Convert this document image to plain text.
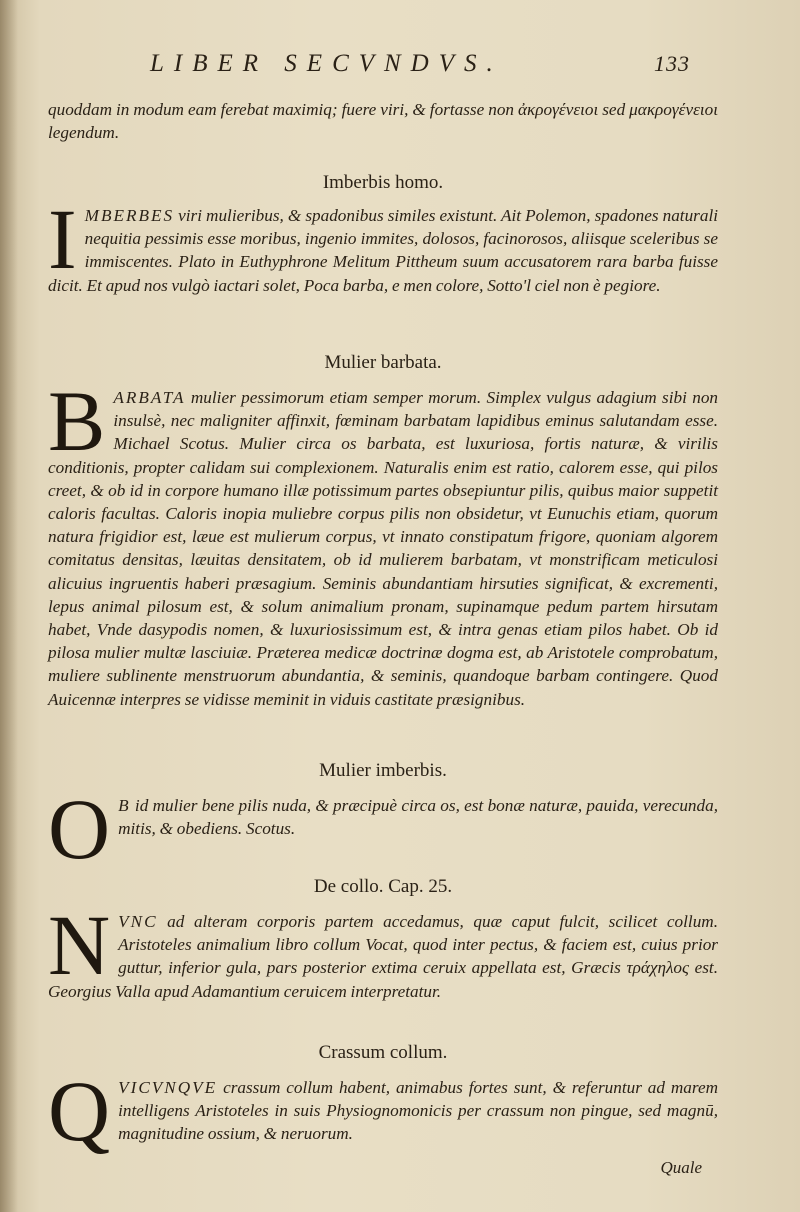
LIBER SECVNDVS.	133

quoddam in modum eam ferebat maximiq; fuere viri, & fortasse non ἀκρογένειοι sed μακρογένειοι legendum.

Imberbis homo.

I MBERBES viri mulieribus, & spadonibus similes existunt. Ait Polemon, spadones naturali nequitia pessimis esse moribus, ingenio immites, dolosos, facinorosos, aliisque sceleribus se immiscentes. Plato in Euthyphrone Melitum Pittheum suum accusatorem rara barba fuisse dicit. Et apud nos vulgò iactari solet, Poca barba, e men colore, Sotto'l ciel non è pegiore.

Mulier barbata.

B ARBATA mulier pessimorum etiam semper morum. Simplex vulgus adagium sibi non insulsè, nec maligniter affinxit, fœminam barbatam lapidibus eminus salutandam esse. Michael Scotus. Mulier circa os barbata, est luxuriosa, fortis naturæ, & virilis conditionis, propter calidam sui complexionem. Naturalis enim est ratio, calorem esse, qui pilos creet, & ob id in corpore humano illæ potissimum partes obsepiuntur pilis, quibus maior suppetit caloris facultas. Caloris inopia muliebre corpus pilis non obsidetur, vt Eunuchis etiam, quorum natura frigidior est, læue est mulierum corpus, vt innato constipatum frigore, quoniam algorem comitatus densitas, læuitas densitatem, ob id mulierem barbatam, vt monstrificam meticulosi alicuius ingruentis haberi præsagium. Seminis abundantiam hirsuties significat, & excrementi, lepus animal pilosum est, & solum animalium pronam, supinamque pedum partem hirsutam habet, Vnde dasypodis nomen, & luxuriosissimum est, & intra genas etiam pilos habet. Ob id pilosa mulier multæ lasciuiæ. Præterea medicæ doctrinæ dogma est, ab Aristotele comprobatum, muliere sublinente menstruorum abundantia, & seminis, quandoque barbam contingere. Quod Auicennæ interpres se vidisse meminit in viduis castitate præsignibus.

Mulier imberbis.

O B id mulier bene pilis nuda, & præcipuè circa os, est bonæ naturæ, pauida, verecunda, mitis, & obediens. Scotus.

De collo. Cap. 25.

N VNC ad alteram corporis partem accedamus, quæ caput fulcit, scilicet collum. Aristoteles animalium libro collum Vocat, quod inter pectus, & faciem est, cuius prior guttur, inferior gula, pars posterior extima ceruix appellata est, Græcis τράχηλος est. Georgius Valla apud Adamantium ceruicem interpretatur.

Crassum collum.

Q VICVNQVE crassum collum habent, animabus fortes sunt, & referuntur ad marem intelligens Aristoteles in suis Physiognomonicis per crassum non pingue, sed magnū, magnitudine ossium, & neruorum.

Quale
